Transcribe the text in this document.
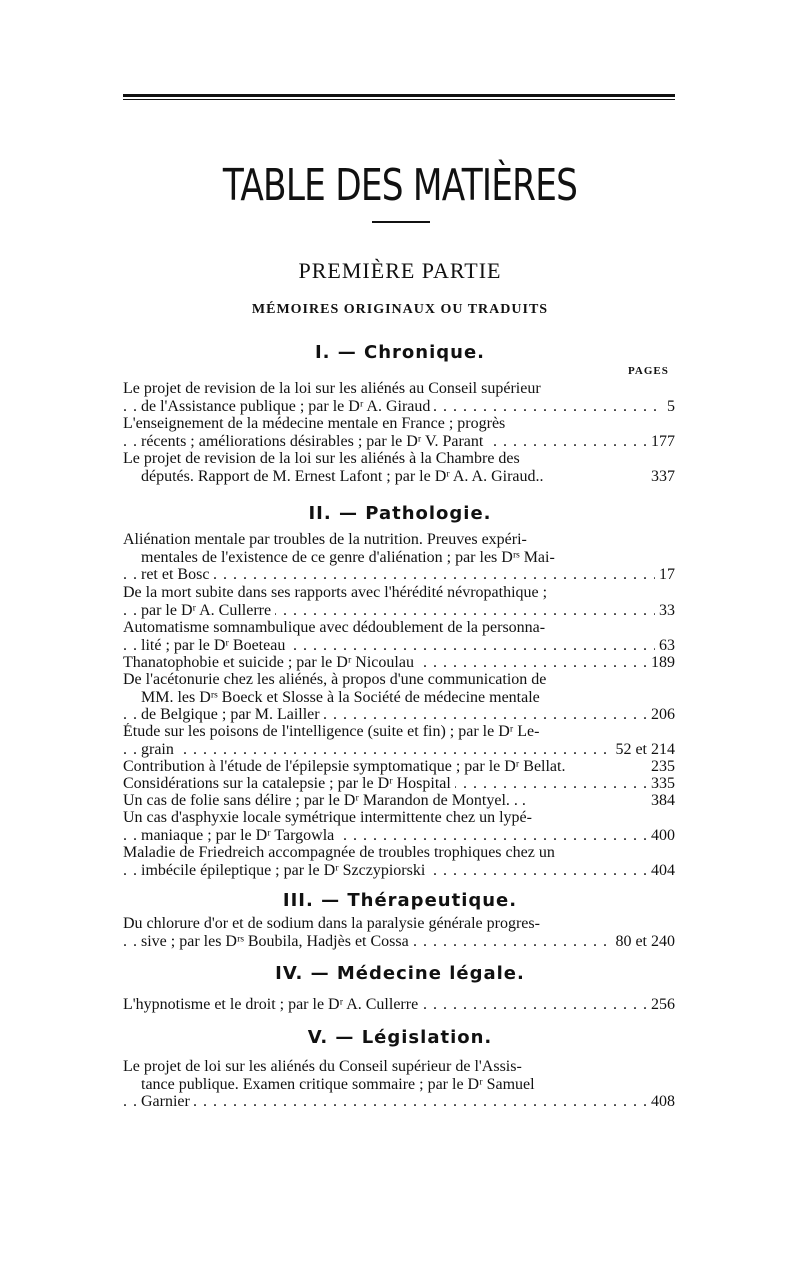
TABLE DES MATIÈRES
PREMIÈRE PARTIE
MÉMOIRES ORIGINAUX OU TRADUITS
PAGES
I. — Chronique.
Le projet de revision de la loi sur les aliénés au Conseil supérieur
de l'Assistance publique ; par le Dʳ A. Giraud	5
. . .
L'enseignement de la médecine mentale en France ; progrès
récents ; améliorations désirables ; par le Dʳ V. Parant	177
. . .
Le projet de revision de la loi sur les aliénés à la Chambre des
députés. Rapport de M. Ernest Lafont ; par le Dʳ A. A. Giraud..	337
II. — Pathologie.
Aliénation mentale par troubles de la nutrition. Preuves expéri-
mentales de l'existence de ce genre d'aliénation ; par les Dʳˢ Mai-
ret et Bosc	17
. . .
De la mort subite dans ses rapports avec l'hérédité névropathique ;
par le Dʳ A. Cullerre	33
. . .
Automatisme somnambulique avec dédoublement de la personna-
lité ; par le Dʳ Boeteau	63
. . .
Thanatophobie et suicide ; par le Dʳ Nicoulau	189
. . .
De l'acétonurie chez les aliénés, à propos d'une communication de
MM. les Dʳˢ Boeck et Slosse à la Société de médecine mentale
de Belgique ; par M. Lailler	206
. . .
Étude sur les poisons de l'intelligence (suite et fin) ; par le Dʳ Le-
grain	52 et 214
. . .
Contribution à l'étude de l'épilepsie symptomatique ; par le Dʳ Bellat.	235
Considérations sur la catalepsie ; par le Dʳ Hospital	335
. . .
Un cas de folie sans délire ; par le Dʳ Marandon de Montyel. . .	384
Un cas d'asphyxie locale symétrique intermittente chez un lypé-
maniaque ; par le Dʳ Targowla	400
. . .
Maladie de Friedreich accompagnée de troubles trophiques chez un
imbécile épileptique ; par le Dʳ Szczypiorski	404
. . .
III. — Thérapeutique.
Du chlorure d'or et de sodium dans la paralysie générale progres-
sive ; par les Dʳˢ Boubila, Hadjès et Cossa	80 et 240
. . .
IV. — Médecine légale.
L'hypnotisme et le droit ; par le Dʳ A. Cullerre	256
. . .
V. — Législation.
Le projet de loi sur les aliénés du Conseil supérieur de l'Assis-
tance publique. Examen critique sommaire ; par le Dʳ Samuel
Garnier	408
. . .
